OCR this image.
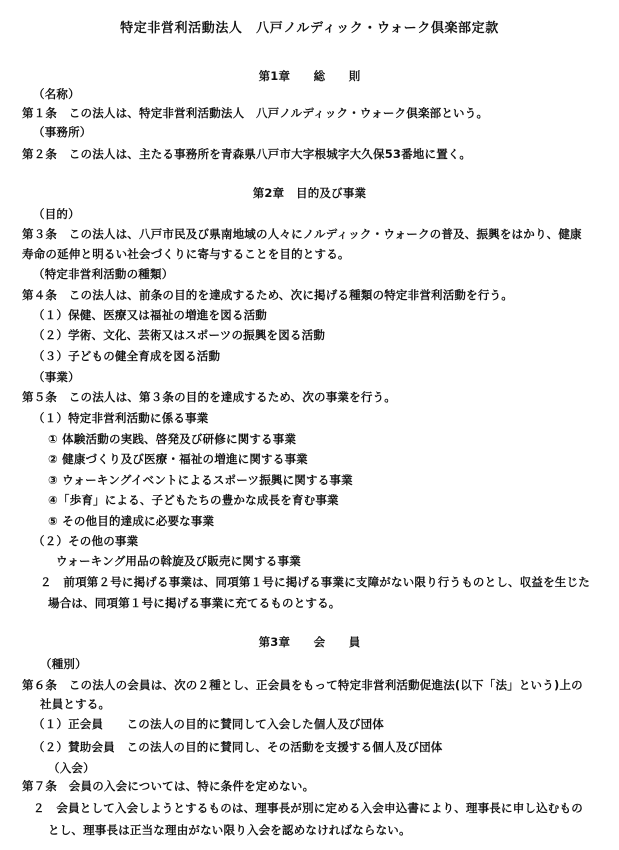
特定非営利活動法人　八戸ノルディック・ウォーク倶楽部定款
第1章　　総　　則
（名称）
第１条　この法人は、特定非営利活動法人　八戸ノルディック・ウォーク倶楽部という。
（事務所）
第２条　この法人は、主たる事務所を青森県八戸市大字根城字大久保53番地に置く。
第2章　目的及び事業
（目的）
第３条　この法人は、八戸市民及び県南地域の人々にノルディック・ウォークの普及、振興をはかり、健康
寿命の延伸と明るい社会づくりに寄与することを目的とする。
（特定非営利活動の種類）
第４条　この法人は、前条の目的を達成するため、次に掲げる種類の特定非営利活動を行う。
（１）保健、医療又は福祉の増進を図る活動
（２）学術、文化、芸術又はスポーツの振興を図る活動
（３）子どもの健全育成を図る活動
（事業）
第５条　この法人は、第３条の目的を達成するため、次の事業を行う。
（１）特定非営利活動に係る事業
① 体験活動の実践、啓発及び研修に関する事業
② 健康づくり及び医療・福祉の増進に関する事業
③ ウォーキングイベントによるスポーツ振興に関する事業
④「歩育」による、子どもたちの豊かな成長を育む事業
⑤ その他目的達成に必要な事業
（２）その他の事業
ウォーキング用品の斡旋及び販売に関する事業
２　前項第２号に掲げる事業は、同項第１号に掲げる事業に支障がない限り行うものとし、収益を生じた
場合は、同項第１号に掲げる事業に充てるものとする。
第3章　　会　　員
（種別）
第６条　この法人の会員は、次の２種とし、正会員をもって特定非営利活動促進法(以下「法」という)上の
社員とする。
（１）正会員　　この法人の目的に賛同して入会した個人及び団体
（２）賛助会員　この法人の目的に賛同し、その活動を支援する個人及び団体
（入会）
第７条　会員の入会については、特に条件を定めない。
２　会員として入会しようとするものは、理事長が別に定める入会申込書により、理事長に申し込むもの
とし、理事長は正当な理由がない限り入会を認めなければならない。
